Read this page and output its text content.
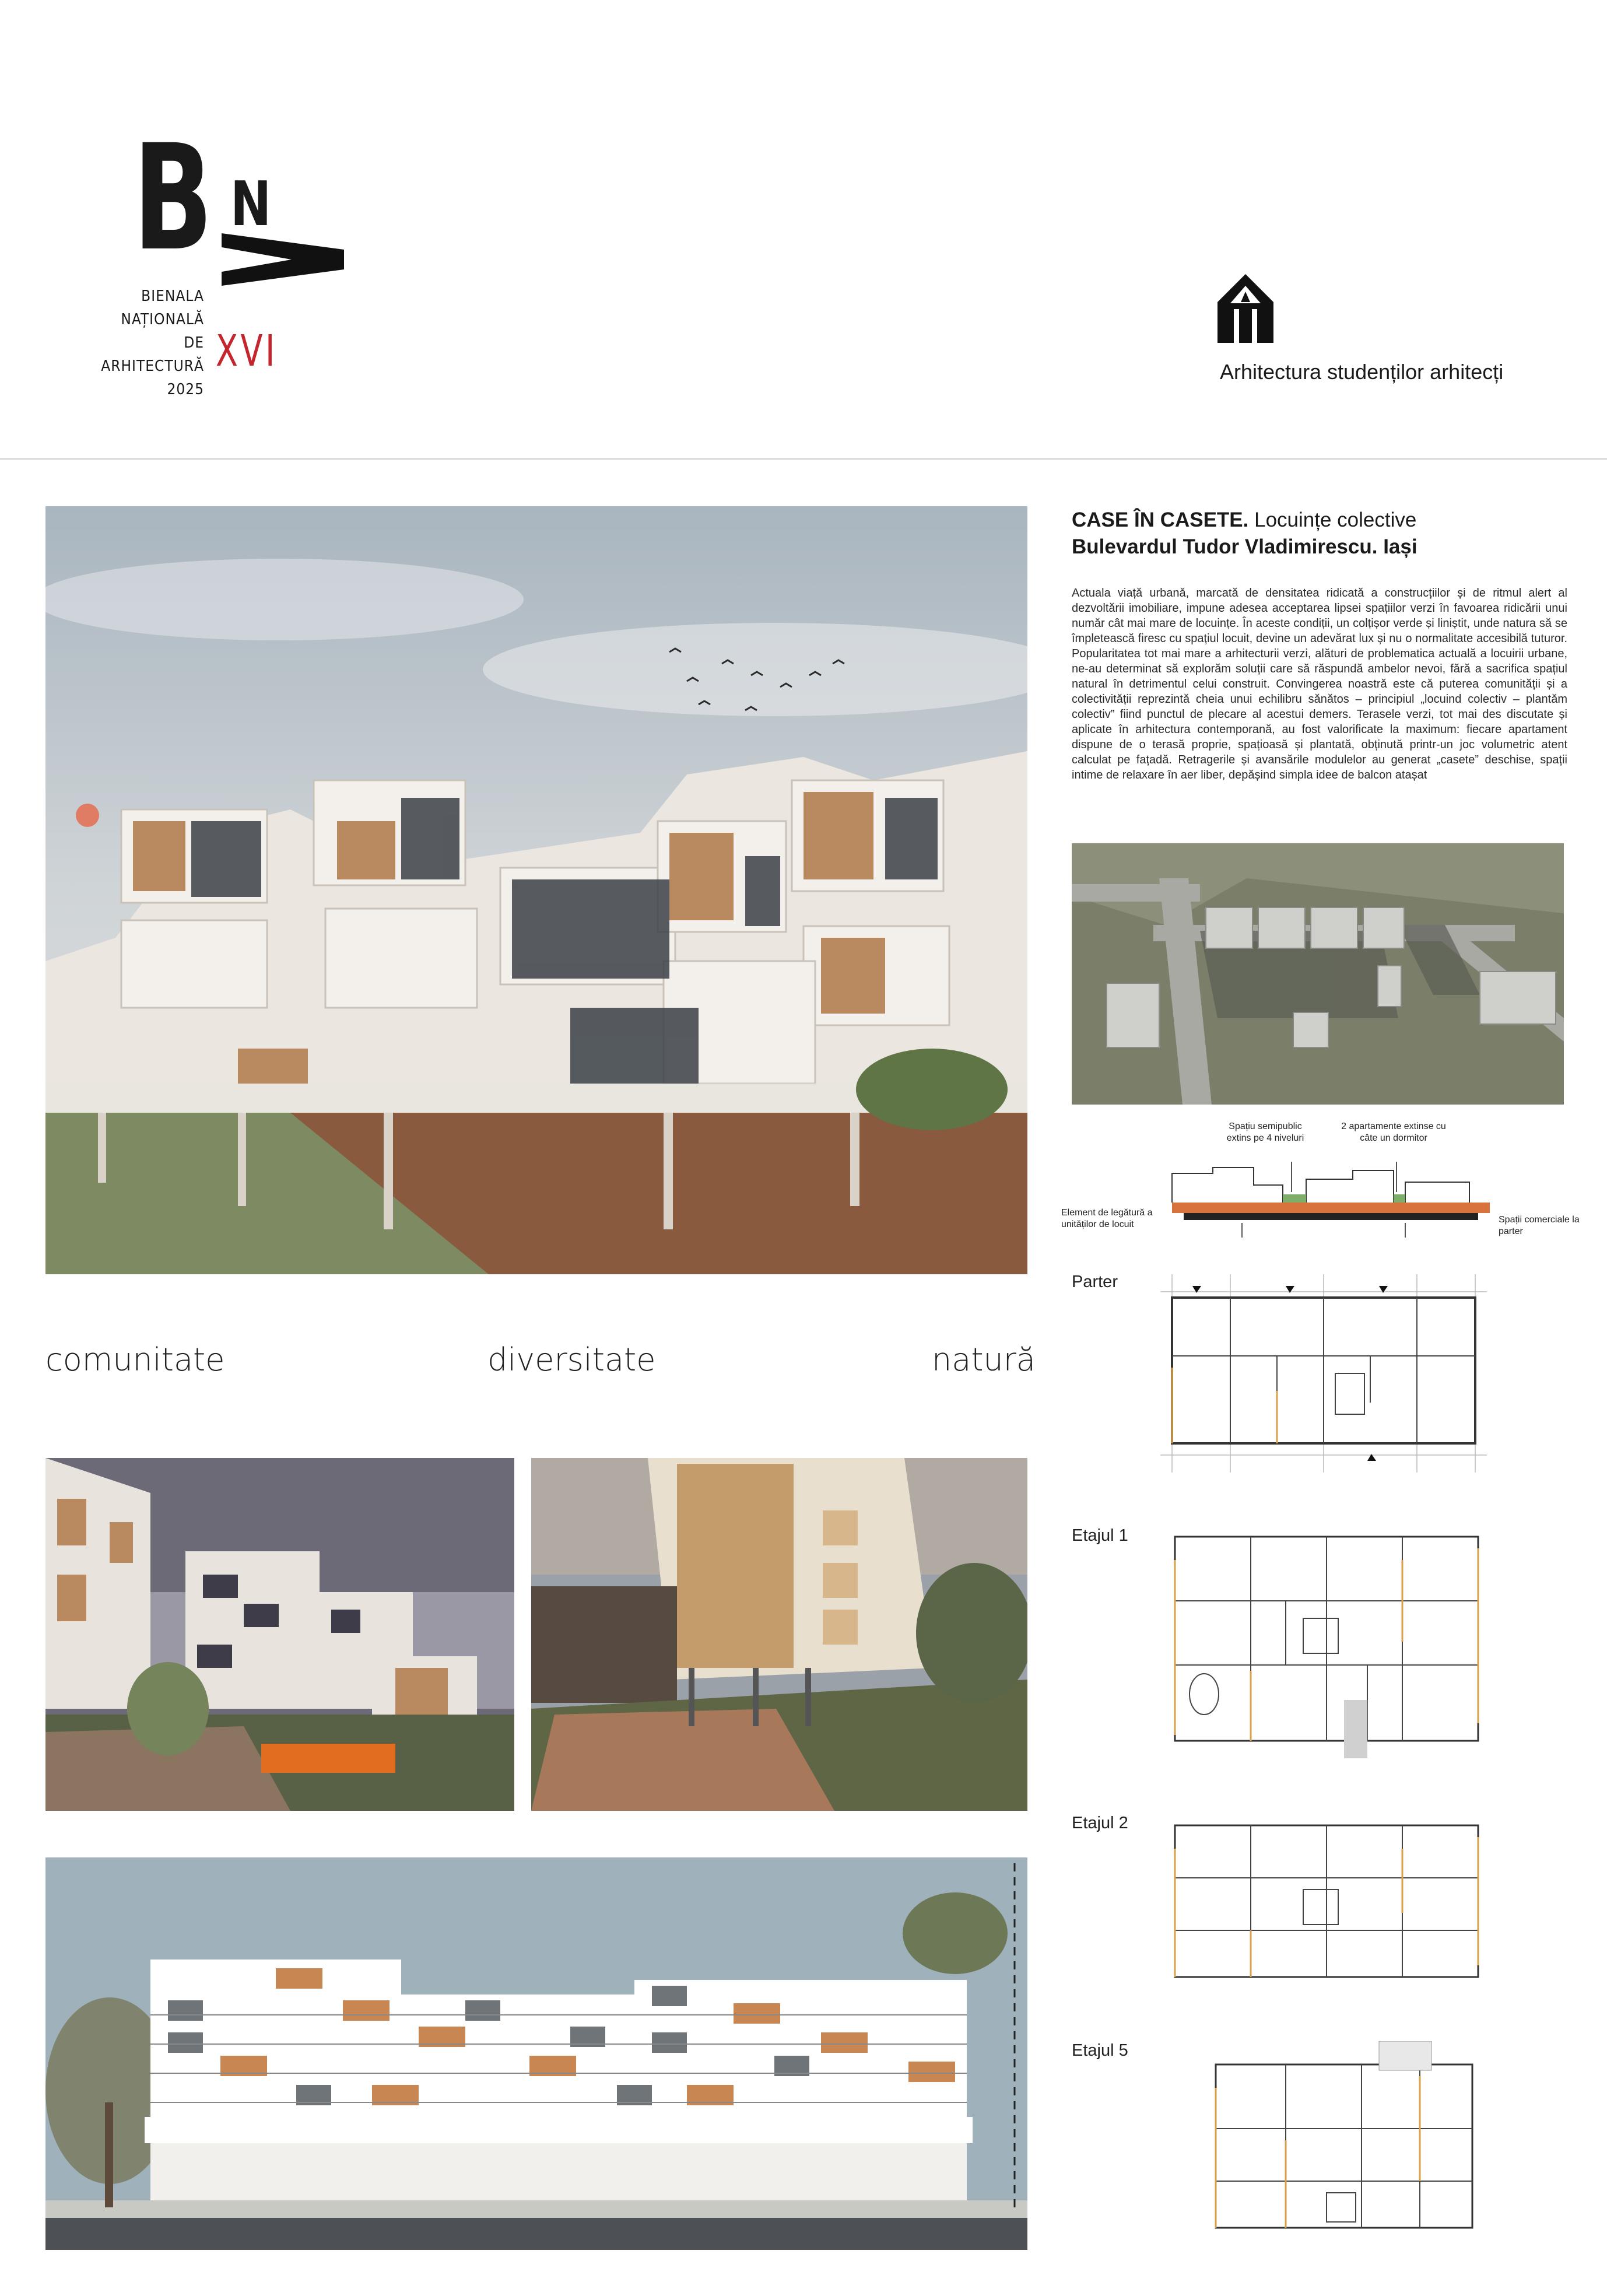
B N
BIENALA
NAȚIONALĂ
DE
ARHITECTURĂ
2025
XVI	Arhitectura studenților arhitecți
CASE ÎN CASETE. Locuințe colective
Bulevardul Tudor Vladimirescu. Iași
Actuala viață urbană, marcată de densitatea ridicată a construcțiilor și de ritmul alert al dezvoltării imobiliare, impune adesea acceptarea lipsei spațiilor verzi în favoarea ridicării unui număr cât mai mare de locuințe. În aceste condiții, un colțișor verde și liniștit, unde natura să se împletească firesc cu spațiul locuit, devine un adevărat lux și nu o normalitate accesibilă tuturor. Popularitatea tot mai mare a arhitecturii verzi, alături de problematica actuală a locuirii urbane, ne-au determinat să explorăm soluții care să răspundă ambelor nevoi, fără a sacrifica spațiul natural în detrimentul celui construit. Convingerea noastră este că puterea comunității și a colectivității reprezintă cheia unui echilibru sănătos – principiul „locuind colectiv – plantăm colectiv” fiind punctul de plecare al acestui demers. Terasele verzi, tot mai des discutate și aplicate în arhitectura contemporană, au fost valorificate la maximum: fiecare apartament dispune de o terasă proprie, spațioasă și plantată, obținută printr-un joc volumetric atent calculat pe fațadă. Retragerile și avansările modulelor au generat „casete” deschise, spații intime de relaxare în aer liber, depășind simpla idee de balcon atașat
Spațiu semipublic extins pe 4 niveluri
2 apartamente extinse cu câte un dormitor
Element de legătură a unităților de locuit	Spații comerciale la parter
comunitate	diversitate	natură
Parter
Etajul 1
Etajul 2
Etajul 5
